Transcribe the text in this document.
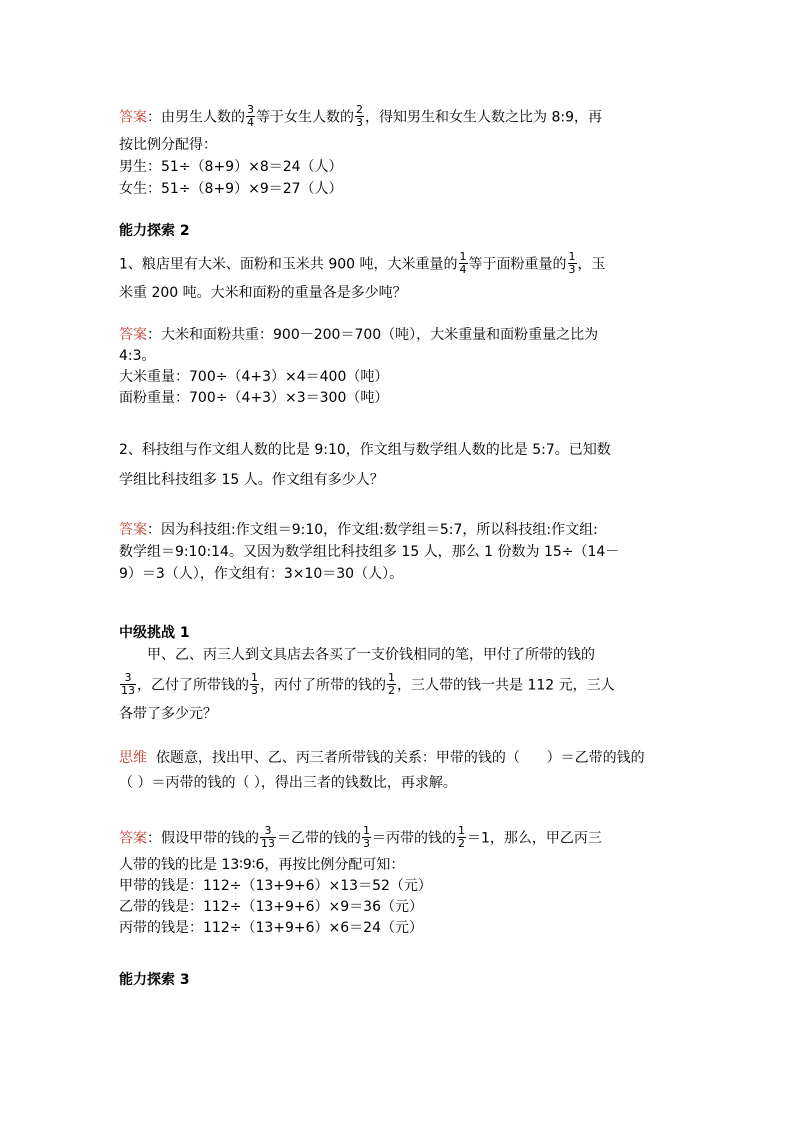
答案：由男生人数的 $\frac{3}{4}$ 等于女生人数的 $\frac{2}{3}$ ，得知男生和女生人数之比为 8:9，再
按比例分配得：
男生：51÷（8+9）×8＝24（人）
女生：51÷（8+9）×9＝27（人）
能力探索 2
1、粮店里有大米、面粉和玉米共 900 吨，大米重量的 $\frac{1}{4}$ 等于面粉重量的 $\frac{1}{3}$ ，玉
米重 200 吨。大米和面粉的重量各是多少吨？
答案：大米和面粉共重：900－200＝700（吨），大米重量和面粉重量之比为
4:3。
大米重量：700÷（4+3）×4＝400（吨）
面粉重量：700÷（4+3）×3＝300（吨）
2、科技组与作文组人数的比是 9:10，作文组与数学组人数的比是 5:7。已知数
学组比科技组多 15 人。作文组有多少人？
答案：因为科技组:作文组＝9:10，作文组:数学组＝5:7，所以科技组:作文组:
数学组＝9:10:14。又因为数学组比科技组多 15 人，那么 1 份数为 15÷（14－
9）＝3（人），作文组有：3×10＝30（人）。
中级挑战 1
甲、乙、丙三人到文具店去各买了一支价钱相同的笔，甲付了所带的钱的
$\frac{3}{13}$ ，乙付了所带钱的 $\frac{1}{3}$ ，丙付了所带的钱的 $\frac{1}{2}$ ，三人带的钱一共是 112 元，三人
各带了多少元？
思维  依题意，找出甲、乙、丙三者所带钱的关系：甲带的钱的（      ）＝乙带的钱的
（ ）＝丙带的钱的（ ），得出三者的钱数比，再求解。
答案：假设甲带的钱的 $\frac{3}{13}$ ＝乙带的钱的 $\frac{1}{3}$ ＝丙带的钱的 $\frac{1}{2} =1$，那么，甲乙丙三
人带的钱的比是 13∶9∶6，再按比例分配可知：
甲带的钱是：112÷（13+9+6）×13＝52（元）
乙带的钱是：112÷（13+9+6）×9＝36（元）
丙带的钱是：112÷（13+9+6）×6＝24（元）
能力探索 3
